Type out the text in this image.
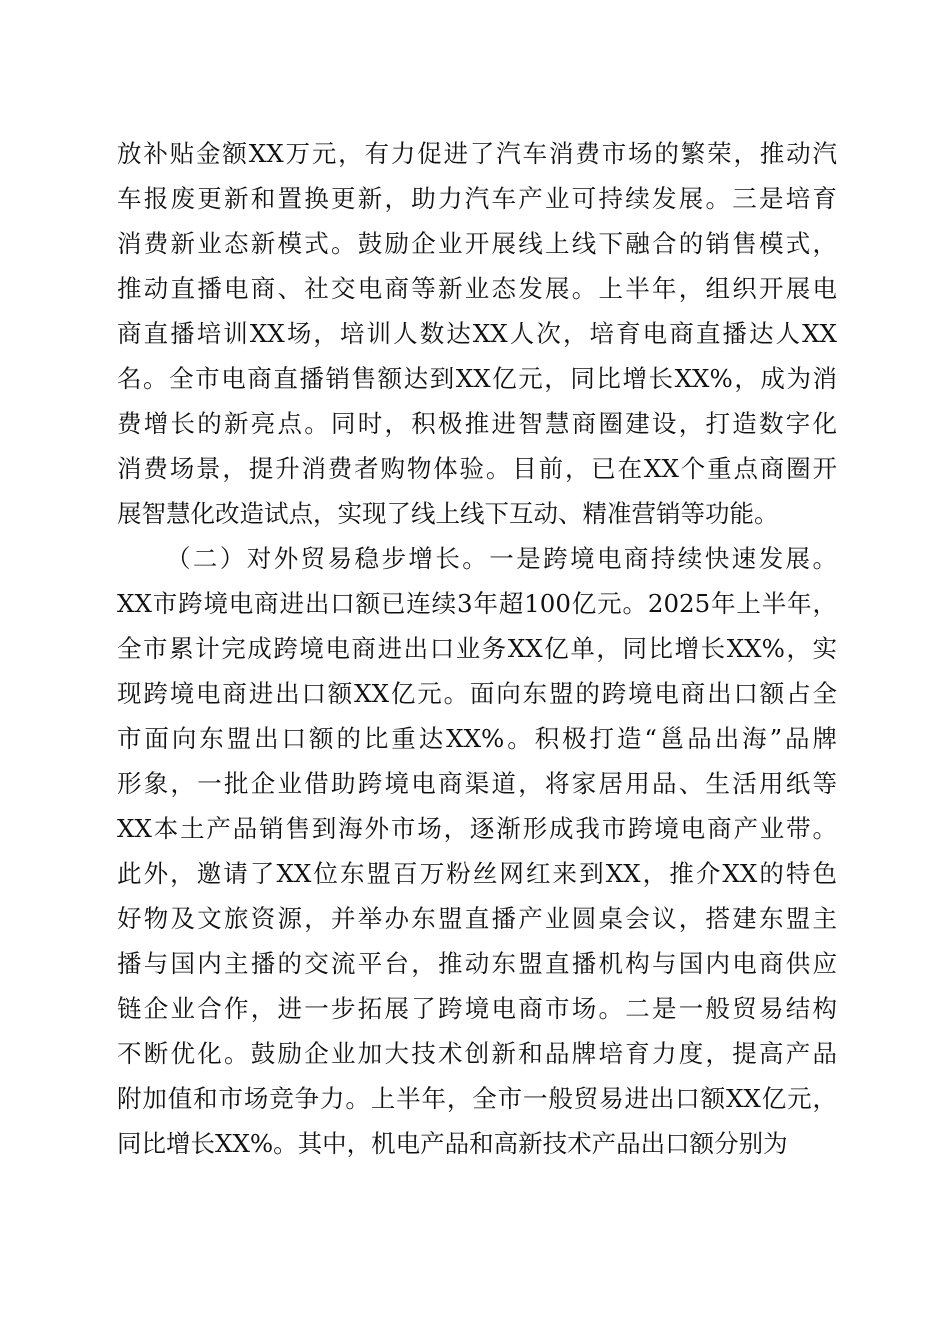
放补贴金额XX万元，有力促进了汽车消费市场的繁荣，推动汽
车报废更新和置换更新，助力汽车产业可持续发展。三是培育
消费新业态新模式。鼓励企业开展线上线下融合的销售模式，
推动直播电商、社交电商等新业态发展。上半年，组织开展电
商直播培训XX场，培训人数达XX人次，培育电商直播达人XX
名。全市电商直播销售额达到XX亿元，同比增长XX%，成为消
费增长的新亮点。同时，积极推进智慧商圈建设，打造数字化
消费场景，提升消费者购物体验。目前，已在XX个重点商圈开
展智慧化改造试点，实现了线上线下互动、精准营销等功能。
（二）对外贸易稳步增长。一是跨境电商持续快速发展。
XX市跨境电商进出口额已连续3年超100亿元。2025年上半年，
全市累计完成跨境电商进出口业务XX亿单，同比增长XX%，实
现跨境电商进出口额XX亿元。面向东盟的跨境电商出口额占全
市面向东盟出口额的比重达XX%。积极打造“邕品出海”品牌
形象，一批企业借助跨境电商渠道，将家居用品、生活用纸等
XX本土产品销售到海外市场，逐渐形成我市跨境电商产业带。
此外，邀请了XX位东盟百万粉丝网红来到XX，推介XX的特色
好物及文旅资源，并举办东盟直播产业圆桌会议，搭建东盟主
播与国内主播的交流平台，推动东盟直播机构与国内电商供应
链企业合作，进一步拓展了跨境电商市场。二是一般贸易结构
不断优化。鼓励企业加大技术创新和品牌培育力度，提高产品
附加值和市场竞争力。上半年，全市一般贸易进出口额XX亿元，
同比增长XX%。其中，机电产品和高新技术产品出口额分别为
